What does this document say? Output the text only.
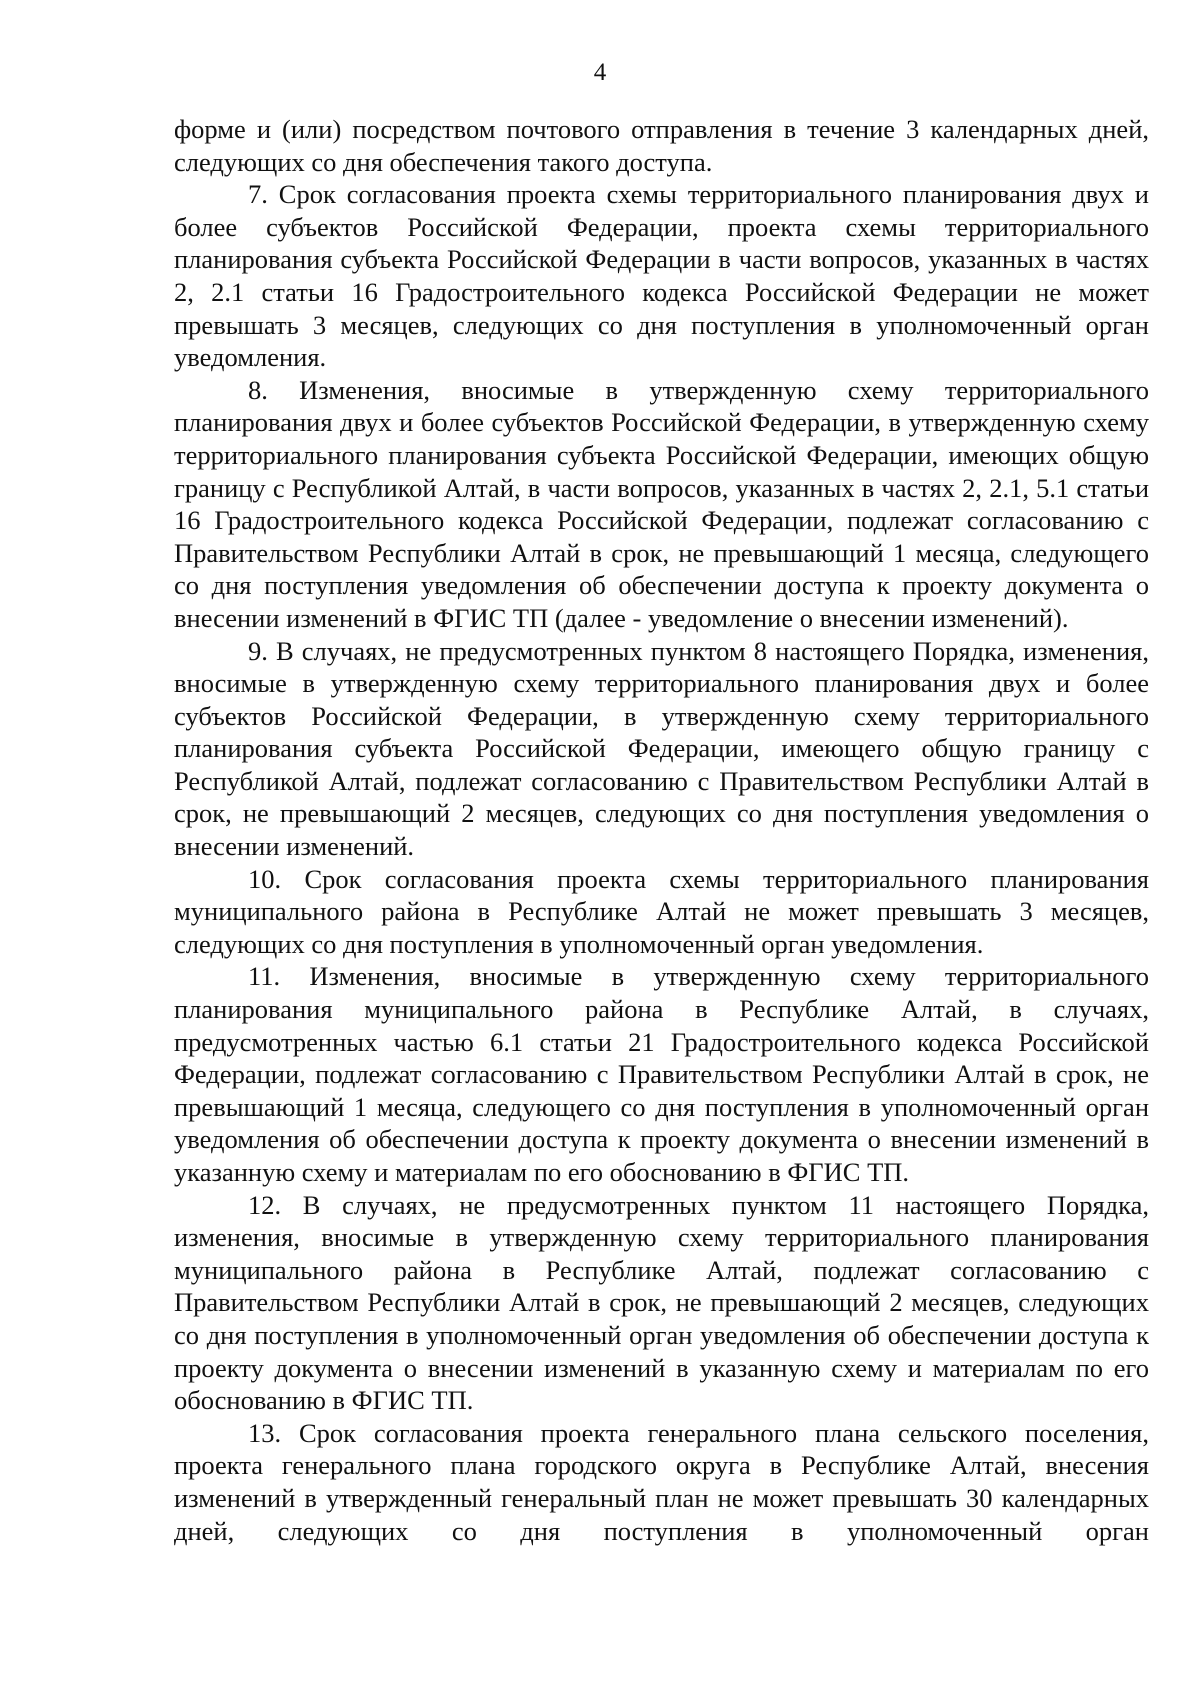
4

форме и (или) посредством почтового отправления в течение 3 календарных дней, следующих со дня обеспечения такого доступа.

7. Срок согласования проекта схемы территориального планирования двух и более субъектов Российской Федерации, проекта схемы территориального планирования субъекта Российской Федерации в части вопросов, указанных в частях 2, 2.1 статьи 16 Градостроительного кодекса Российской Федерации не может превышать 3 месяцев, следующих со дня поступления в уполномоченный орган уведомления.

8. Изменения, вносимые в утвержденную схему территориального планирования двух и более субъектов Российской Федерации, в утвержденную схему территориального планирования субъекта Российской Федерации, имеющих общую границу с Республикой Алтай, в части вопросов, указанных в частях 2, 2.1, 5.1 статьи 16 Градостроительного кодекса Российской Федерации, подлежат согласованию с Правительством Республики Алтай в срок, не превышающий 1 месяца, следующего со дня поступления уведомления об обеспечении доступа к проекту документа о внесении изменений в ФГИС ТП (далее - уведомление о внесении изменений).

9. В случаях, не предусмотренных пунктом 8 настоящего Порядка, изменения, вносимые в утвержденную схему территориального планирования двух и более субъектов Российской Федерации, в утвержденную схему территориального планирования субъекта Российской Федерации, имеющего общую границу с Республикой Алтай, подлежат согласованию с Правительством Республики Алтай в срок, не превышающий 2 месяцев, следующих со дня поступления уведомления о внесении изменений.

10. Срок согласования проекта схемы территориального планирования муниципального района в Республике Алтай не может превышать 3 месяцев, следующих со дня поступления в уполномоченный орган уведомления.

11. Изменения, вносимые в утвержденную схему территориального планирования муниципального района в Республике Алтай, в случаях, предусмотренных частью 6.1 статьи 21 Градостроительного кодекса Российской Федерации, подлежат согласованию с Правительством Республики Алтай в срок, не превышающий 1 месяца, следующего со дня поступления в уполномоченный орган уведомления об обеспечении доступа к проекту документа о внесении изменений в указанную схему и материалам по его обоснованию в ФГИС ТП.

12. В случаях, не предусмотренных пунктом 11 настоящего Порядка, изменения, вносимые в утвержденную схему территориального планирования муниципального района в Республике Алтай, подлежат согласованию с Правительством Республики Алтай в срок, не превышающий 2 месяцев, следующих со дня поступления в уполномоченный орган уведомления об обеспечении доступа к проекту документа о внесении изменений в указанную схему и материалам по его обоснованию в ФГИС ТП.

13. Срок согласования проекта генерального плана сельского поселения, проекта генерального плана городского округа в Республике Алтай, внесения изменений в утвержденный генеральный план не может превышать 30 календарных дней, следующих со дня поступления в уполномоченный орган
